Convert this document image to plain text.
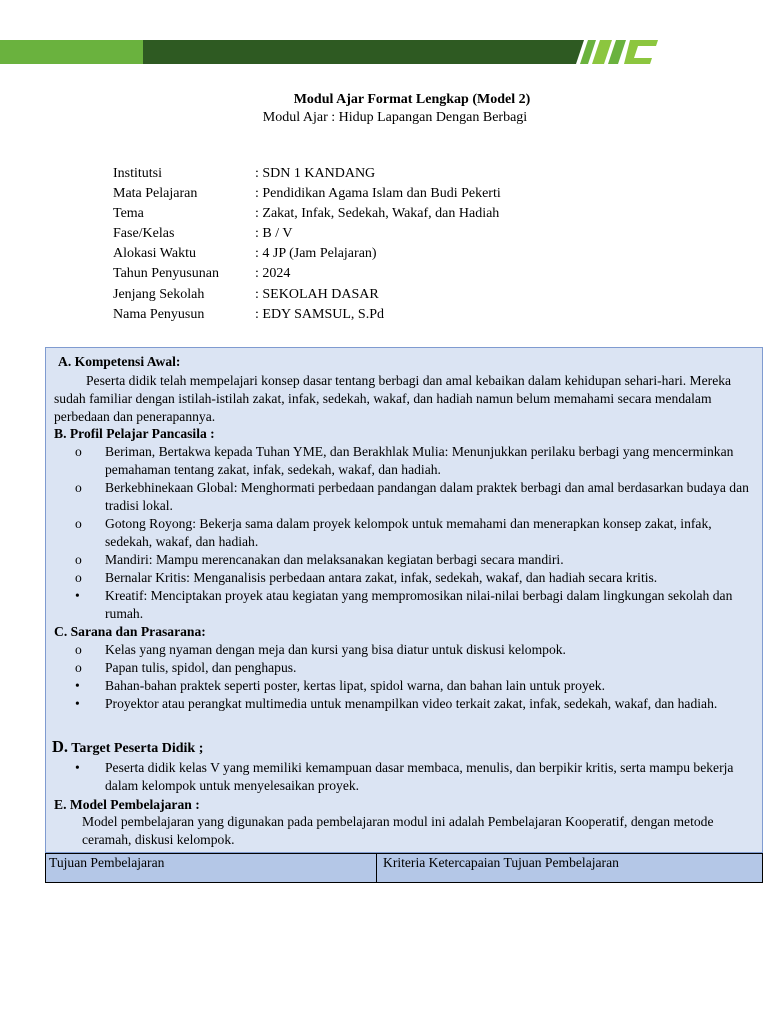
Modul Ajar Format Lengkap (Model 2)
Modul Ajar : Hidup Lapangan Dengan Berbagi
Institutsi	: SDN 1 KANDANG
Mata Pelajaran	: Pendidikan Agama Islam dan Budi Pekerti
Tema	: Zakat, Infak, Sedekah, Wakaf, dan Hadiah
Fase/Kelas	: B / V
Alokasi Waktu	: 4 JP (Jam Pelajaran)
Tahun Penyusunan	: 2024
Jenjang Sekolah	: SEKOLAH DASAR
Nama Penyusun	: EDY SAMSUL, S.Pd

A. Kompetensi Awal:

Peserta didik telah mempelajari konsep dasar tentang berbagi dan amal kebaikan dalam kehidupan sehari-hari. Mereka sudah familiar dengan istilah-istilah zakat, infak, sedekah, wakaf, dan hadiah namun belum memahami secara mendalam perbedaan dan penerapannya.

B. Profil Pelajar Pancasila :

o Beriman, Bertakwa kepada Tuhan YME, dan Berakhlak Mulia: Menunjukkan perilaku berbagi yang mencerminkan pemahaman tentang zakat, infak, sedekah, wakaf, dan hadiah.
o Berkebhinekaan Global: Menghormati perbedaan pandangan dalam praktek berbagi dan amal berdasarkan budaya dan tradisi lokal.
o Gotong Royong: Bekerja sama dalam proyek kelompok untuk memahami dan menerapkan konsep zakat, infak, sedekah, wakaf, dan hadiah.
o Mandiri: Mampu merencanakan dan melaksanakan kegiatan berbagi secara mandiri.
o Bernalar Kritis: Menganalisis perbedaan antara zakat, infak, sedekah, wakaf, dan hadiah secara kritis.
• Kreatif: Menciptakan proyek atau kegiatan yang mempromosikan nilai-nilai berbagi dalam lingkungan sekolah dan rumah.

C. Sarana dan Prasarana:

o Kelas yang nyaman dengan meja dan kursi yang bisa diatur untuk diskusi kelompok.
o Papan tulis, spidol, dan penghapus.
• Bahan-bahan praktek seperti poster, kertas lipat, spidol warna, dan bahan lain untuk proyek.
• Proyektor atau perangkat multimedia untuk menampilkan video terkait zakat, infak, sedekah, wakaf, dan hadiah.

D. Target Peserta Didik ;

• Peserta didik kelas V yang memiliki kemampuan dasar membaca, menulis, dan berpikir kritis, serta mampu bekerja dalam kelompok untuk menyelesaikan proyek.

E. Model Pembelajaran :

Model pembelajaran yang digunakan pada pembelajaran modul ini adalah Pembelajaran Kooperatif, dengan metode ceramah, diskusi kelompok.

Tujuan Pembelajaran	Kriteria Ketercapaian Tujuan Pembelajaran
